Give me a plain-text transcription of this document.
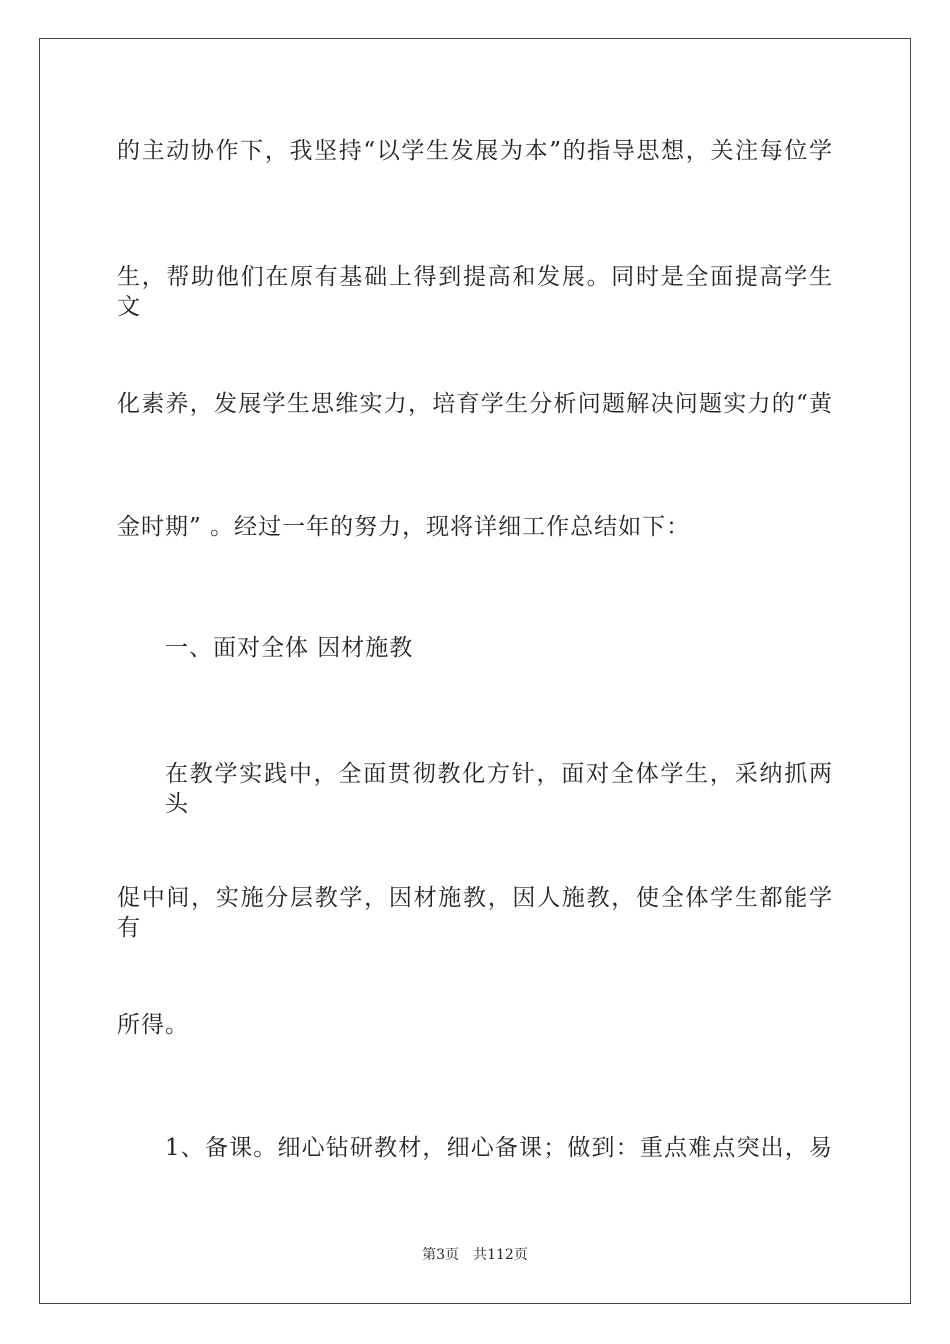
的主动协作下，我坚持“以学生发展为本”的指导思想，关注每位学
生，帮助他们在原有基础上得到提高和发展。同时是全面提高学生文
化素养，发展学生思维实力，培育学生分析问题解决问题实力的“黄
金时期” 。经过一年的努力，现将详细工作总结如下：
一、面对全体 因材施教
在教学实践中，全面贯彻教化方针，面对全体学生，采纳抓两头
促中间，实施分层教学，因材施教，因人施教，使全体学生都能学有
所得。
1、备课。细心钻研教材，细心备课；做到：重点难点突出，易
第3页 共112页
